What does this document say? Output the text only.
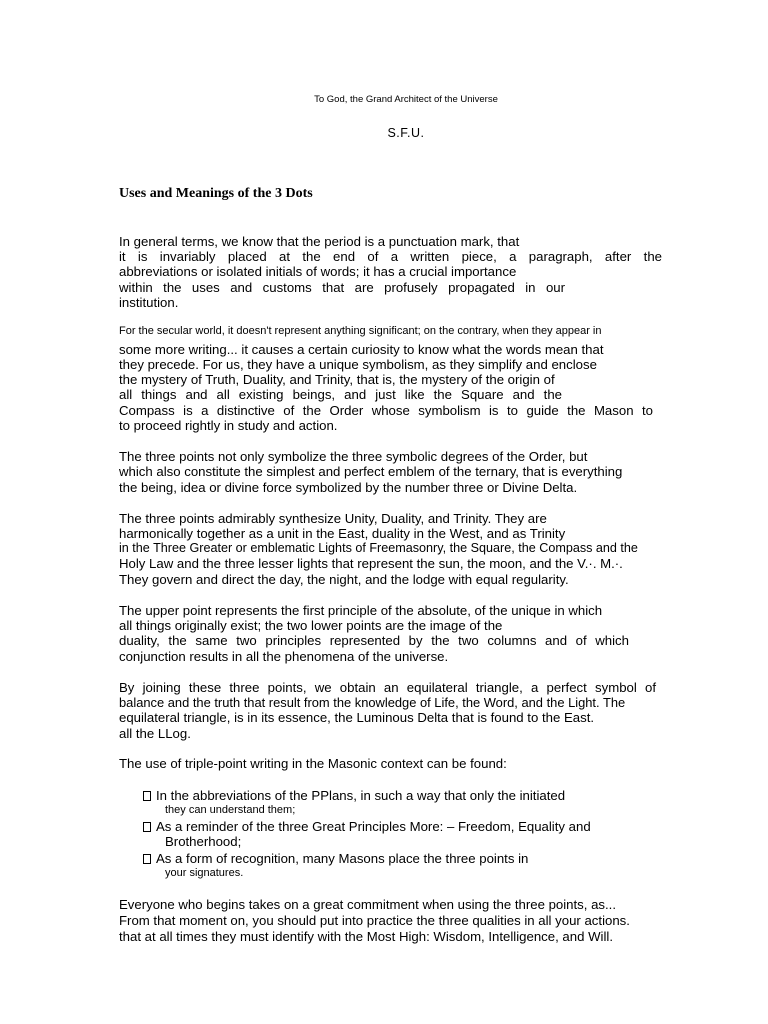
To God, the Grand Architect of the Universe
S.F.U.
Uses and Meanings of the 3 Dots
In general terms, we know that the period is a punctuation mark, that
it is invariably placed at the end of a written piece, a paragraph, after the
abbreviations or isolated initials of words; it has a crucial importance
within the uses and customs that are profusely propagated in our
institution.
For the secular world, it doesn't represent anything significant; on the contrary, when they appear in
some more writing... it causes a certain curiosity to know what the words mean that
they precede. For us, they have a unique symbolism, as they simplify and enclose
the mystery of Truth, Duality, and Trinity, that is, the mystery of the origin of
all things and all existing beings, and just like the Square and the
Compass is a distinctive of the Order whose symbolism is to guide the Mason to
to proceed rightly in study and action.
The three points not only symbolize the three symbolic degrees of the Order, but
which also constitute the simplest and perfect emblem of the ternary, that is everything
the being, idea or divine force symbolized by the number three or Divine Delta.
The three points admirably synthesize Unity, Duality, and Trinity. They are
harmonically together as a unit in the East, duality in the West, and as Trinity
in the Three Greater or emblematic Lights of Freemasonry, the Square, the Compass and the
Holy Law and the three lesser lights that represent the sun, the moon, and the V.·. M.·.
They govern and direct the day, the night, and the lodge with equal regularity.
The upper point represents the first principle of the absolute, of the unique in which
all things originally exist; the two lower points are the image of the
duality, the same two principles represented by the two columns and of which
conjunction results in all the phenomena of the universe.
By joining these three points, we obtain an equilateral triangle, a perfect symbol of
balance and the truth that result from the knowledge of Life, the Word, and the Light. The
equilateral triangle, is in its essence, the Luminous Delta that is found to the East.
all the LLog.
The use of triple-point writing in the Masonic context can be found:
In the abbreviations of the PPlans, in such a way that only the initiated
they can understand them;
As a reminder of the three Great Principles More: – Freedom, Equality and
Brotherhood;
As a form of recognition, many Masons place the three points in
your signatures.
Everyone who begins takes on a great commitment when using the three points, as...
From that moment on, you should put into practice the three qualities in all your actions.
that at all times they must identify with the Most High: Wisdom, Intelligence, and Will.
